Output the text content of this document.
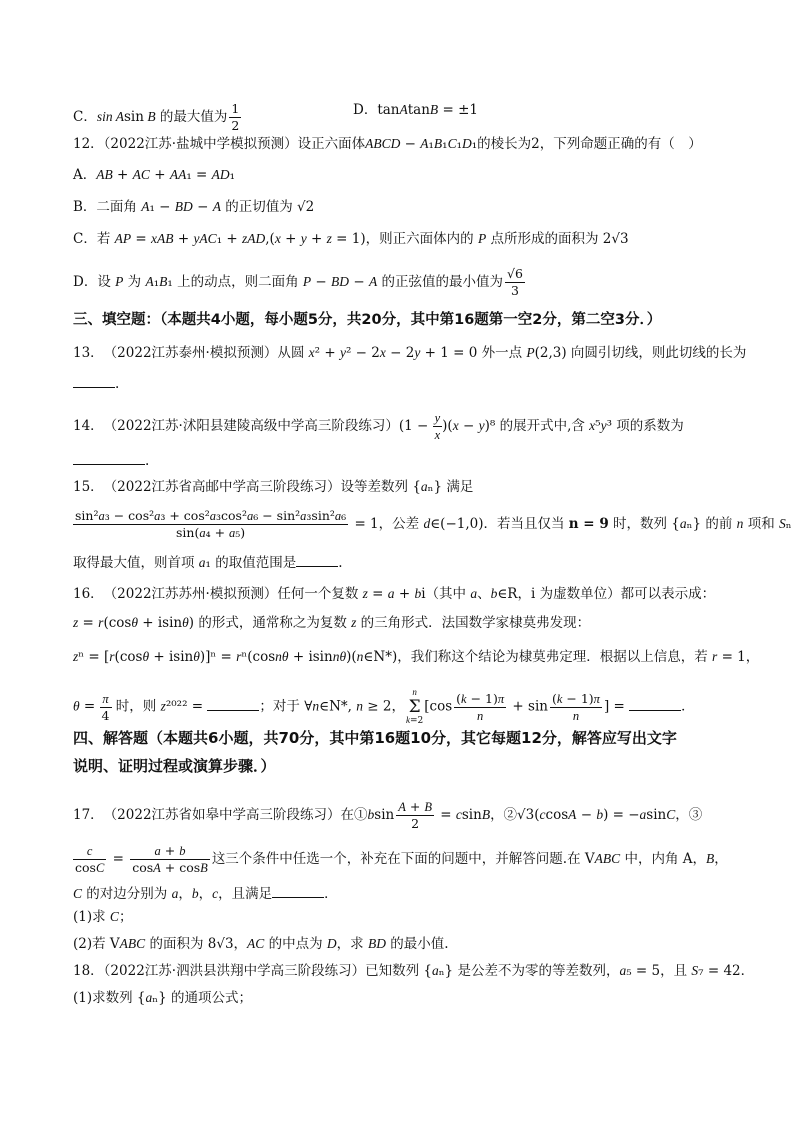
C．sin Asin B 的最大值为 $\frac{1}{2}$	D．tanAtanB = ±1
12．（2022江苏·盐城中学模拟预测）设正六面体ABCD − A₁B₁C₁D₁的棱长为2，下列命题正确的有（　）
A．AB + AC + AA₁ = AD₁
B．二面角 A₁ − BD − A 的正切值为 √2
C．若 AP = xAB + yAC₁ + zAD,(x + y + z = 1)，则正六面体内的 P 点所形成的面积为 2√3
D．设 P 为 A₁B₁ 上的动点，则二面角 P − BD − A 的正弦值的最小值为 $\frac{√6}{3}$
三、填空题：（本题共4小题，每小题5分，共20分，其中第16题第一空2分，第二空3分．）
13．　（2022江苏泰州·模拟预测）从圆 x² + y² − 2x − 2y + 1 = 0 外一点 P(2,3) 向圆引切线，则此切线的长为
.
14．　（2022江苏·沭阳县建陵高级中学高三阶段练习）$(1 - \frac{y}{x} )(x - y)^8$ 的展开式中,含 x⁵y³ 项的系数为
.
15．　（2022江苏省高邮中学高三阶段练习）设等差数列 {aₙ} 满足
$\frac{\text{sin²a₃ − cos²a₃ + cos²a₃cos²a₆ − sin²a₃sin²a₆}}{\text{sin(a₄ + a₅)}} = 1$，公差 d∈(−1,0)．若当且仅当 n = 9 时，数列 {aₙ} 的前 n 项和 Sₙ
取得最大值，则首项 a₁ 的取值范围是	.
16．　（2022江苏苏州·模拟预测）任何一个复数 z = a + bi（其中 a、b∈R，i 为虚数单位）都可以表示成：
z = r(cosθ + isinθ) 的形式，通常称之为复数 z 的三角形式．法国数学家棣莫弗发现：
zⁿ = [r(cosθ + isinθ)]ⁿ = rⁿ(cosnθ + isinnθ)(n∈N*)，我们称这个结论为棣莫弗定理．根据以上信息，若 r = 1，
$\theta = \frac{\pi}{4}$ 时，则 z²⁰²² =	；对于 ∀n∈N*, n ≥ 2，n
Σ
$k=2[\cos \frac{(k - 1)\pi}{n} + \sin \frac{(k - 1)\pi}{n}$ ] =	．
四、解答题（本题共6小题，共70分，其中第16题10分，其它每题12分，解答应写出文字
说明、证明过程或演算步骤．）
17．　（2022江苏省如皋中学高三阶段练习）在①bsin $\frac{A + B}{2} = csinB$，②√3(ccosA − b) = −asinC，③
$\frac{c}{\cos C} = \frac{a + b}{\cos A + \cos B}$ 这三个条件中任选一个，补充在下面的问题中，并解答问题.在 VABC 中，内角 A，B，
C 的对边分别为 a，b，c，且满足	．
(1)求 C；
(2)若 VABC 的面积为 8√3，AC 的中点为 D，求 BD 的最小值.
18．（2022江苏·泗洪县洪翔中学高三阶段练习）已知数列 {aₙ} 是公差不为零的等差数列，a₅ = 5，且 S₇ = 42．
(1)求数列 {aₙ} 的通项公式；
